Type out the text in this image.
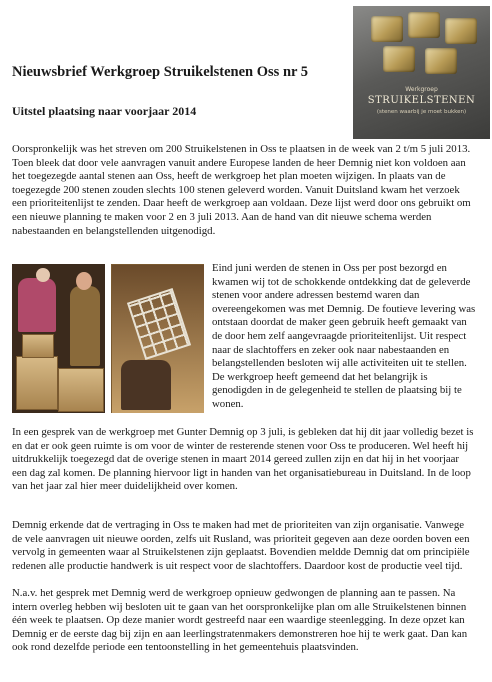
Werkgroep
STRUIKELSTENEN
(stenen waarbij je moet bukken)
Nieuwsbrief Werkgroep Struikelstenen Oss nr 5
Uitstel plaatsing naar voorjaar 2014

Oorspronkelijk was het streven om 200 Struikelstenen in Oss te plaatsen in de week van 2 t/m 5 juli 2013. Toen bleek dat door vele aanvragen vanuit andere Europese landen de heer Demnig niet kon voldoen aan het toegezegde aantal stenen aan Oss, heeft de werkgroep het plan moeten wijzigen. In plaats van de toegezegde 200 stenen zouden slechts 100 stenen geleverd worden. Vanuit Duitsland kwam het verzoek een prioriteitenlijst te zenden. Daar heeft de werkgroep aan voldaan. Deze lijst werd door ons gebruikt om een nieuwe planning te maken voor 2 en 3 juli 2013. Aan de hand van dit nieuwe schema werden nabestaanden en belangstellenden uitgenodigd.

Eind juni werden de stenen in Oss per post bezorgd en kwamen wij tot de schokkende ontdekking dat de geleverde stenen voor andere adressen bestemd waren dan overeengekomen was met Demnig. De foutieve levering was ontstaan doordat de maker geen gebruik heeft gemaakt van de door hem zelf aangevraagde prioriteitenlijst. Uit respect naar de slachtoffers en zeker ook naar nabestaanden en belangstellenden besloten wij alle activiteiten uit te stellen. De werkgroep heeft gemeend dat het belangrijk is genodigden in de gelegenheid te stellen de plaatsing bij te wonen.

In een gesprek van de werkgroep met Gunter Demnig op 3 juli, is gebleken dat hij dit jaar volledig bezet is en dat er ook geen ruimte is om voor de winter de resterende stenen voor Oss te produceren. Wel heeft hij uitdrukkelijk toegezegd dat de overige stenen in maart 2014 gereed zullen zijn en dat hij in het voorjaar een dag zal komen. De planning hiervoor ligt in handen van het organisatiebureau in Duitsland. In de loop van het jaar zal hier meer duidelijkheid over komen.

Demnig erkende dat de vertraging in Oss te maken had met de prioriteiten van zijn organisatie. Vanwege de vele aanvragen uit nieuwe oorden, zelfs uit Rusland, was prioriteit gegeven aan deze oorden boven een vervolg in gemeenten waar al Struikelstenen zijn geplaatst. Bovendien meldde Demnig dat om principiële redenen alle productie handwerk is uit respect voor de slachtoffers. Daardoor kost de productie veel tijd.

N.a.v. het gesprek met Demnig werd de werkgroep opnieuw gedwongen de planning aan te passen. Na intern overleg hebben wij besloten uit te gaan van het oorspronkelijke plan om alle Struikelstenen binnen één week te plaatsen. Op deze manier wordt gestreefd naar een waardige steenlegging. In deze opzet kan Demnig er de eerste dag bij zijn en aan leerlingstratenmakers demonstreren hoe hij te werk gaat. Dan kan ook rond dezelfde periode een tentoonstelling in het gemeentehuis plaatsvinden.
